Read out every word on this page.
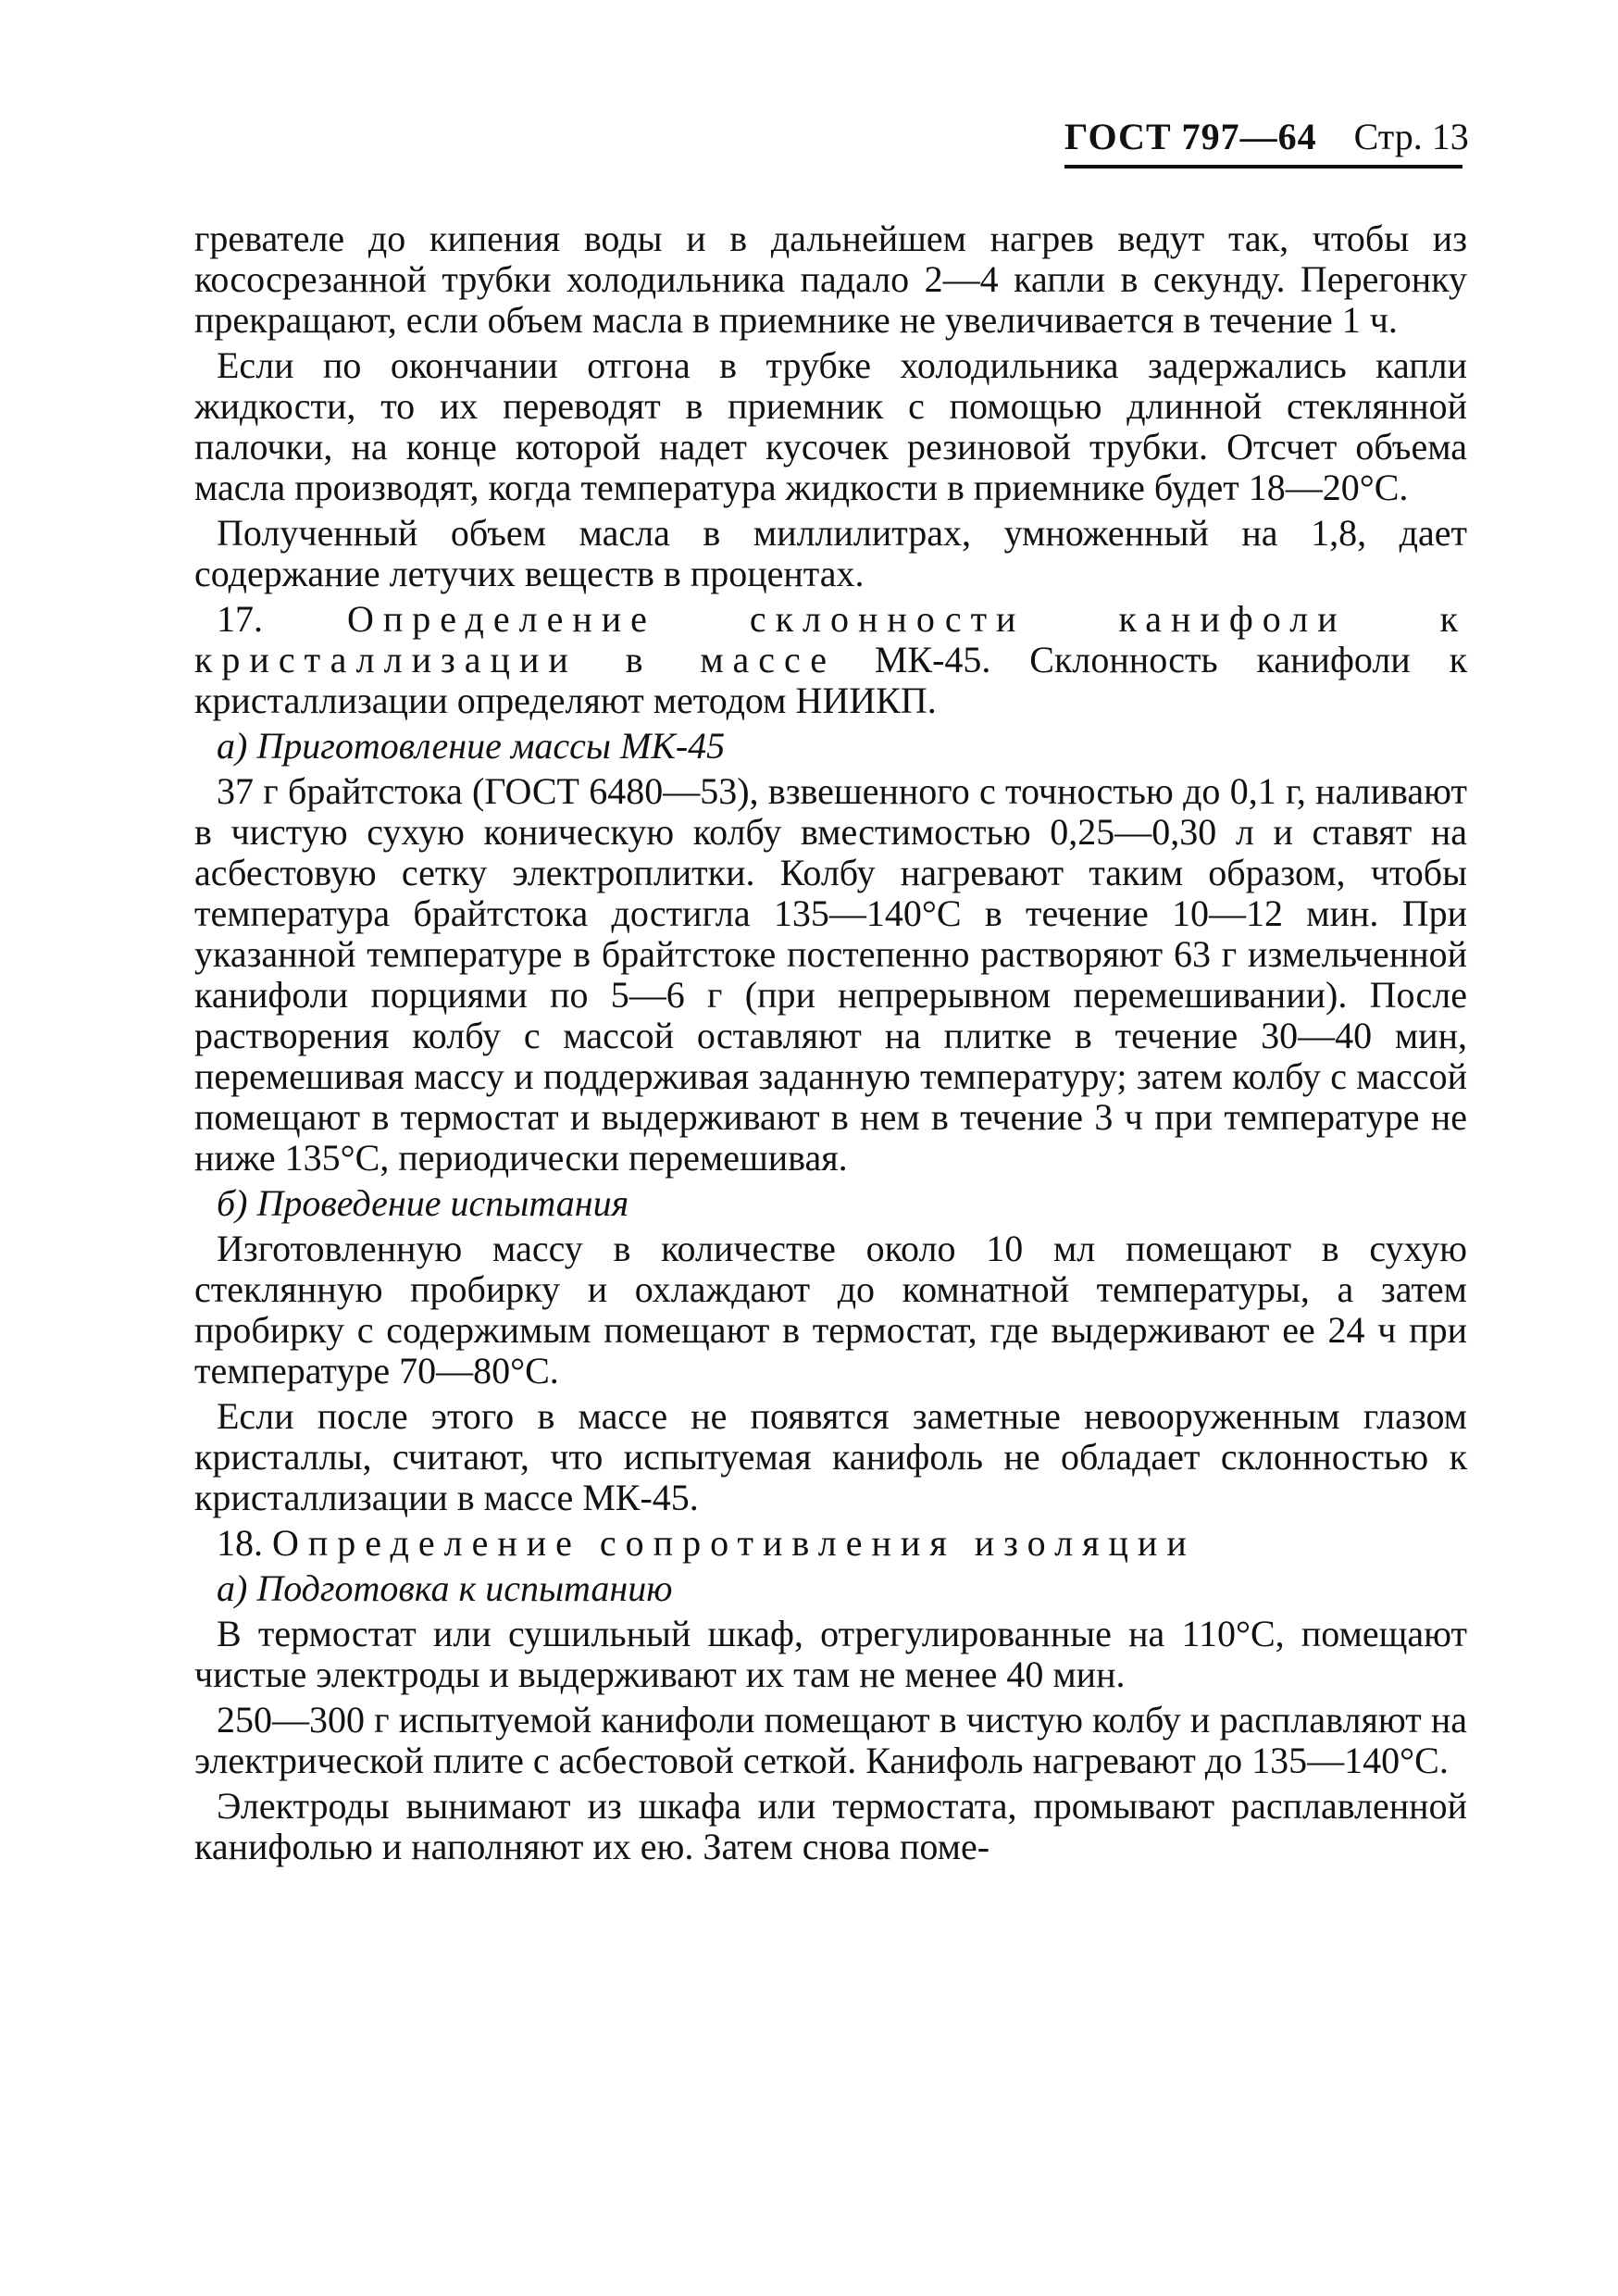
ГОСТ 797—64 Стр. 13

гревателе до кипения воды и в дальнейшем нагрев ведут так, чтобы из кососрезанной трубки холодильника падало 2—4 капли в секунду. Перегонку прекращают, если объем масла в приемнике не увеличивается в течение 1 ч.

Если по окончании отгона в трубке холодильника задержались капли жидкости, то их переводят в приемник с помощью длинной стеклянной палочки, на конце которой надет кусочек резиновой трубки. Отсчет объема масла производят, когда температура жидкости в приемнике будет 18—20°С.

Полученный объем масла в миллилитрах, умноженный на 1,8, дает содержание летучих веществ в процентах.

17. Определение склонности канифоли к кристаллизации в массе МК-45. Склонность канифоли к кристаллизации определяют методом НИИКП.

а) Приготовление массы МК-45

37 г брайтстока (ГОСТ 6480—53), взвешенного с точностью до 0,1 г, наливают в чистую сухую коническую колбу вместимостью 0,25—0,30 л и ставят на асбестовую сетку электроплитки. Колбу нагревают таким образом, чтобы температура брайтстока достигла 135—140°С в течение 10—12 мин. При указанной температуре в брайтстоке постепенно растворяют 63 г измельченной канифоли порциями по 5—6 г (при непрерывном перемешивании). После растворения колбу с массой оставляют на плитке в течение 30—40 мин, перемешивая массу и поддерживая заданную температуру; затем колбу с массой помещают в термостат и выдерживают в нем в течение 3 ч при температуре не ниже 135°С, периодически перемешивая.

б) Проведение испытания

Изготовленную массу в количестве около 10 мл помещают в сухую стеклянную пробирку и охлаждают до комнатной температуры, а затем пробирку с содержимым помещают в термостат, где выдерживают ее 24 ч при температуре 70—80°С.

Если после этого в массе не появятся заметные невооруженным глазом кристаллы, считают, что испытуемая канифоль не обладает склонностью к кристаллизации в массе МК-45.

18. Определение сопротивления изоляции

а) Подготовка к испытанию

В термостат или сушильный шкаф, отрегулированные на 110°С, помещают чистые электроды и выдерживают их там не менее 40 мин.

250—300 г испытуемой канифоли помещают в чистую колбу и расплавляют на электрической плите с асбестовой сеткой. Канифоль нагревают до 135—140°С.

Электроды вынимают из шкафа или термостата, промывают расплавленной канифолью и наполняют их ею. Затем снова поме-
